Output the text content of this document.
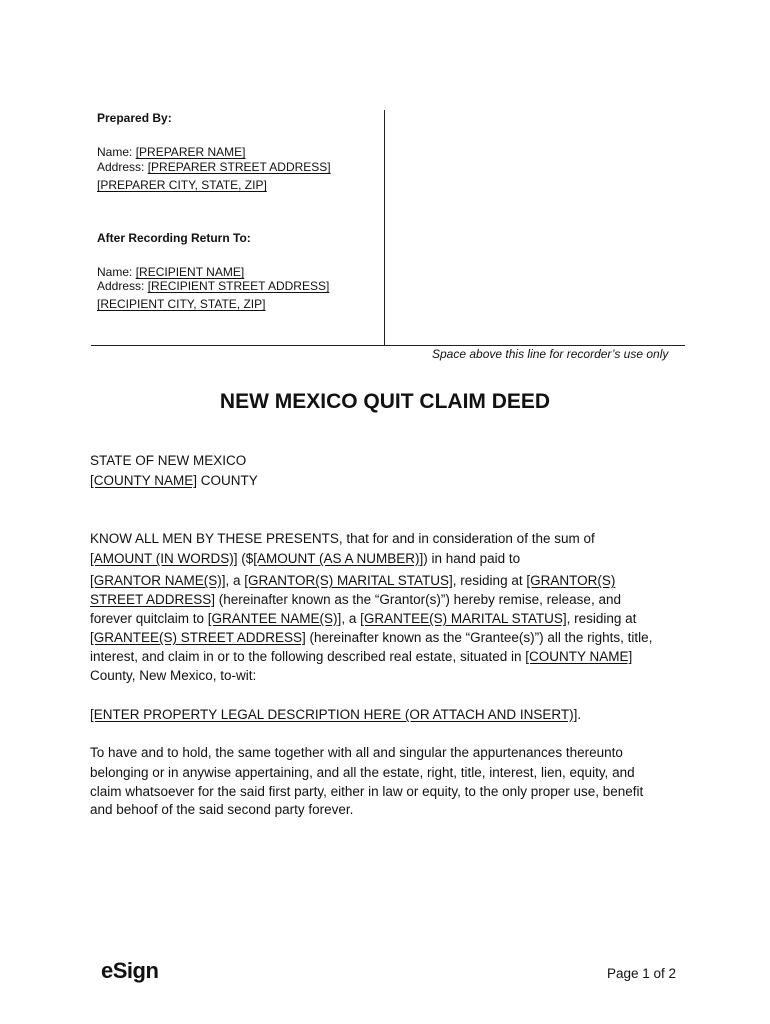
Prepared By:
Name: [PREPARER NAME]
Address: [PREPARER STREET ADDRESS]
[PREPARER CITY, STATE, ZIP]
After Recording Return To:
Name: [RECIPIENT NAME]
Address: [RECIPIENT STREET ADDRESS]
[RECIPIENT CITY, STATE, ZIP]
Space above this line for recorder’s use only
NEW MEXICO QUIT CLAIM DEED
STATE OF NEW MEXICO
[COUNTY NAME] COUNTY
KNOW ALL MEN BY THESE PRESENTS, that for and in consideration of the sum of
[AMOUNT (IN WORDS)] ($[AMOUNT (AS A NUMBER)]) in hand paid to
[GRANTOR NAME(S)], a [GRANTOR(S) MARITAL STATUS], residing at [GRANTOR(S)
STREET ADDRESS] (hereinafter known as the “Grantor(s)”) hereby remise, release, and
forever quitclaim to [GRANTEE NAME(S)], a [GRANTEE(S) MARITAL STATUS], residing at
[GRANTEE(S) STREET ADDRESS] (hereinafter known as the “Grantee(s)”) all the rights, title,
interest, and claim in or to the following described real estate, situated in [COUNTY NAME]
County, New Mexico, to-wit:
[ENTER PROPERTY LEGAL DESCRIPTION HERE (OR ATTACH AND INSERT)].
To have and to hold, the same together with all and singular the appurtenances thereunto
belonging or in anywise appertaining, and all the estate, right, title, interest, lien, equity, and
claim whatsoever for the said first party, either in law or equity, to the only proper use, benefit
and behoof of the said second party forever.
eSign	Page 1 of 2
